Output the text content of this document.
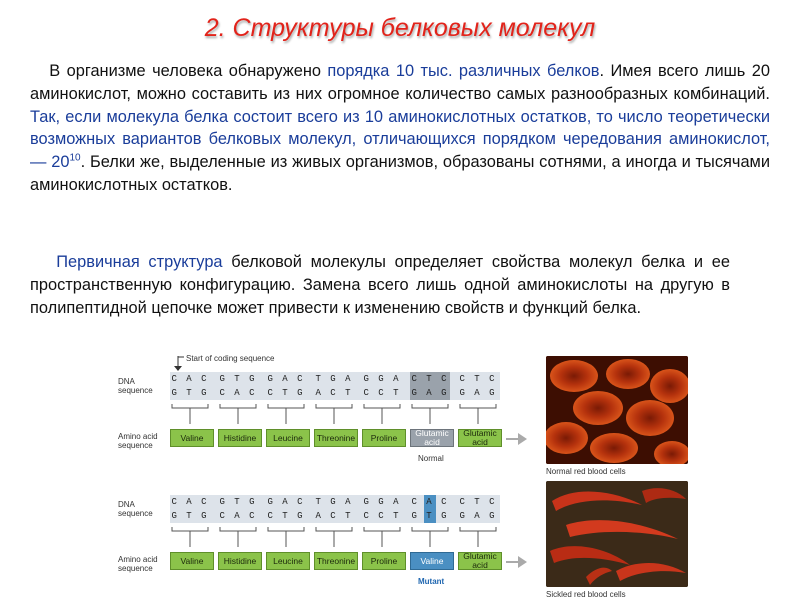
2. Структуры белковых молекул
В организме человека обнаружено порядка 10 тыс. различных белков. Имея всего лишь 20 аминокислот, можно составить из них огромное количество самых разнообразных комбинаций. Так, если молекула белка состоит всего из 10 аминокислотных остатков, то число теоретически возможных вариантов белковых молекул, отличающихся порядком чередования аминокислот, — $20^{10}$. Белки же, выделенные из живых организмов, образованы сотнями, а иногда и тысячами аминокислотных остатков.
Первичная структура белковой молекулы определяет свойства молекул белка и ее пространственную конфигурацию. Замена всего лишь одной аминокислоты на другую в полипептидной цепочке может привести к изменению свойств и функций белка.
Start of coding sequence
DNA
sequence
C A C G T G G A C T G A G G A C T C C T C
G T G C A C C T G A C T C C T G A G G A G
Amino acid
sequence
Valine	Histidine	Leucine	Threonine	Proline	Glutamic acid
Glutamic acid
Normal
DNA
sequence
C A C G T G G A C T G A G G A C A C C T C
G T G C A C C T G A C T C C T G T G G A G
Amino acid
sequence
Valine	Histidine	Leucine	Threonine	Proline	Valine	Glutamic acid
Mutant
Normal red blood cells
Sickled red blood cells
